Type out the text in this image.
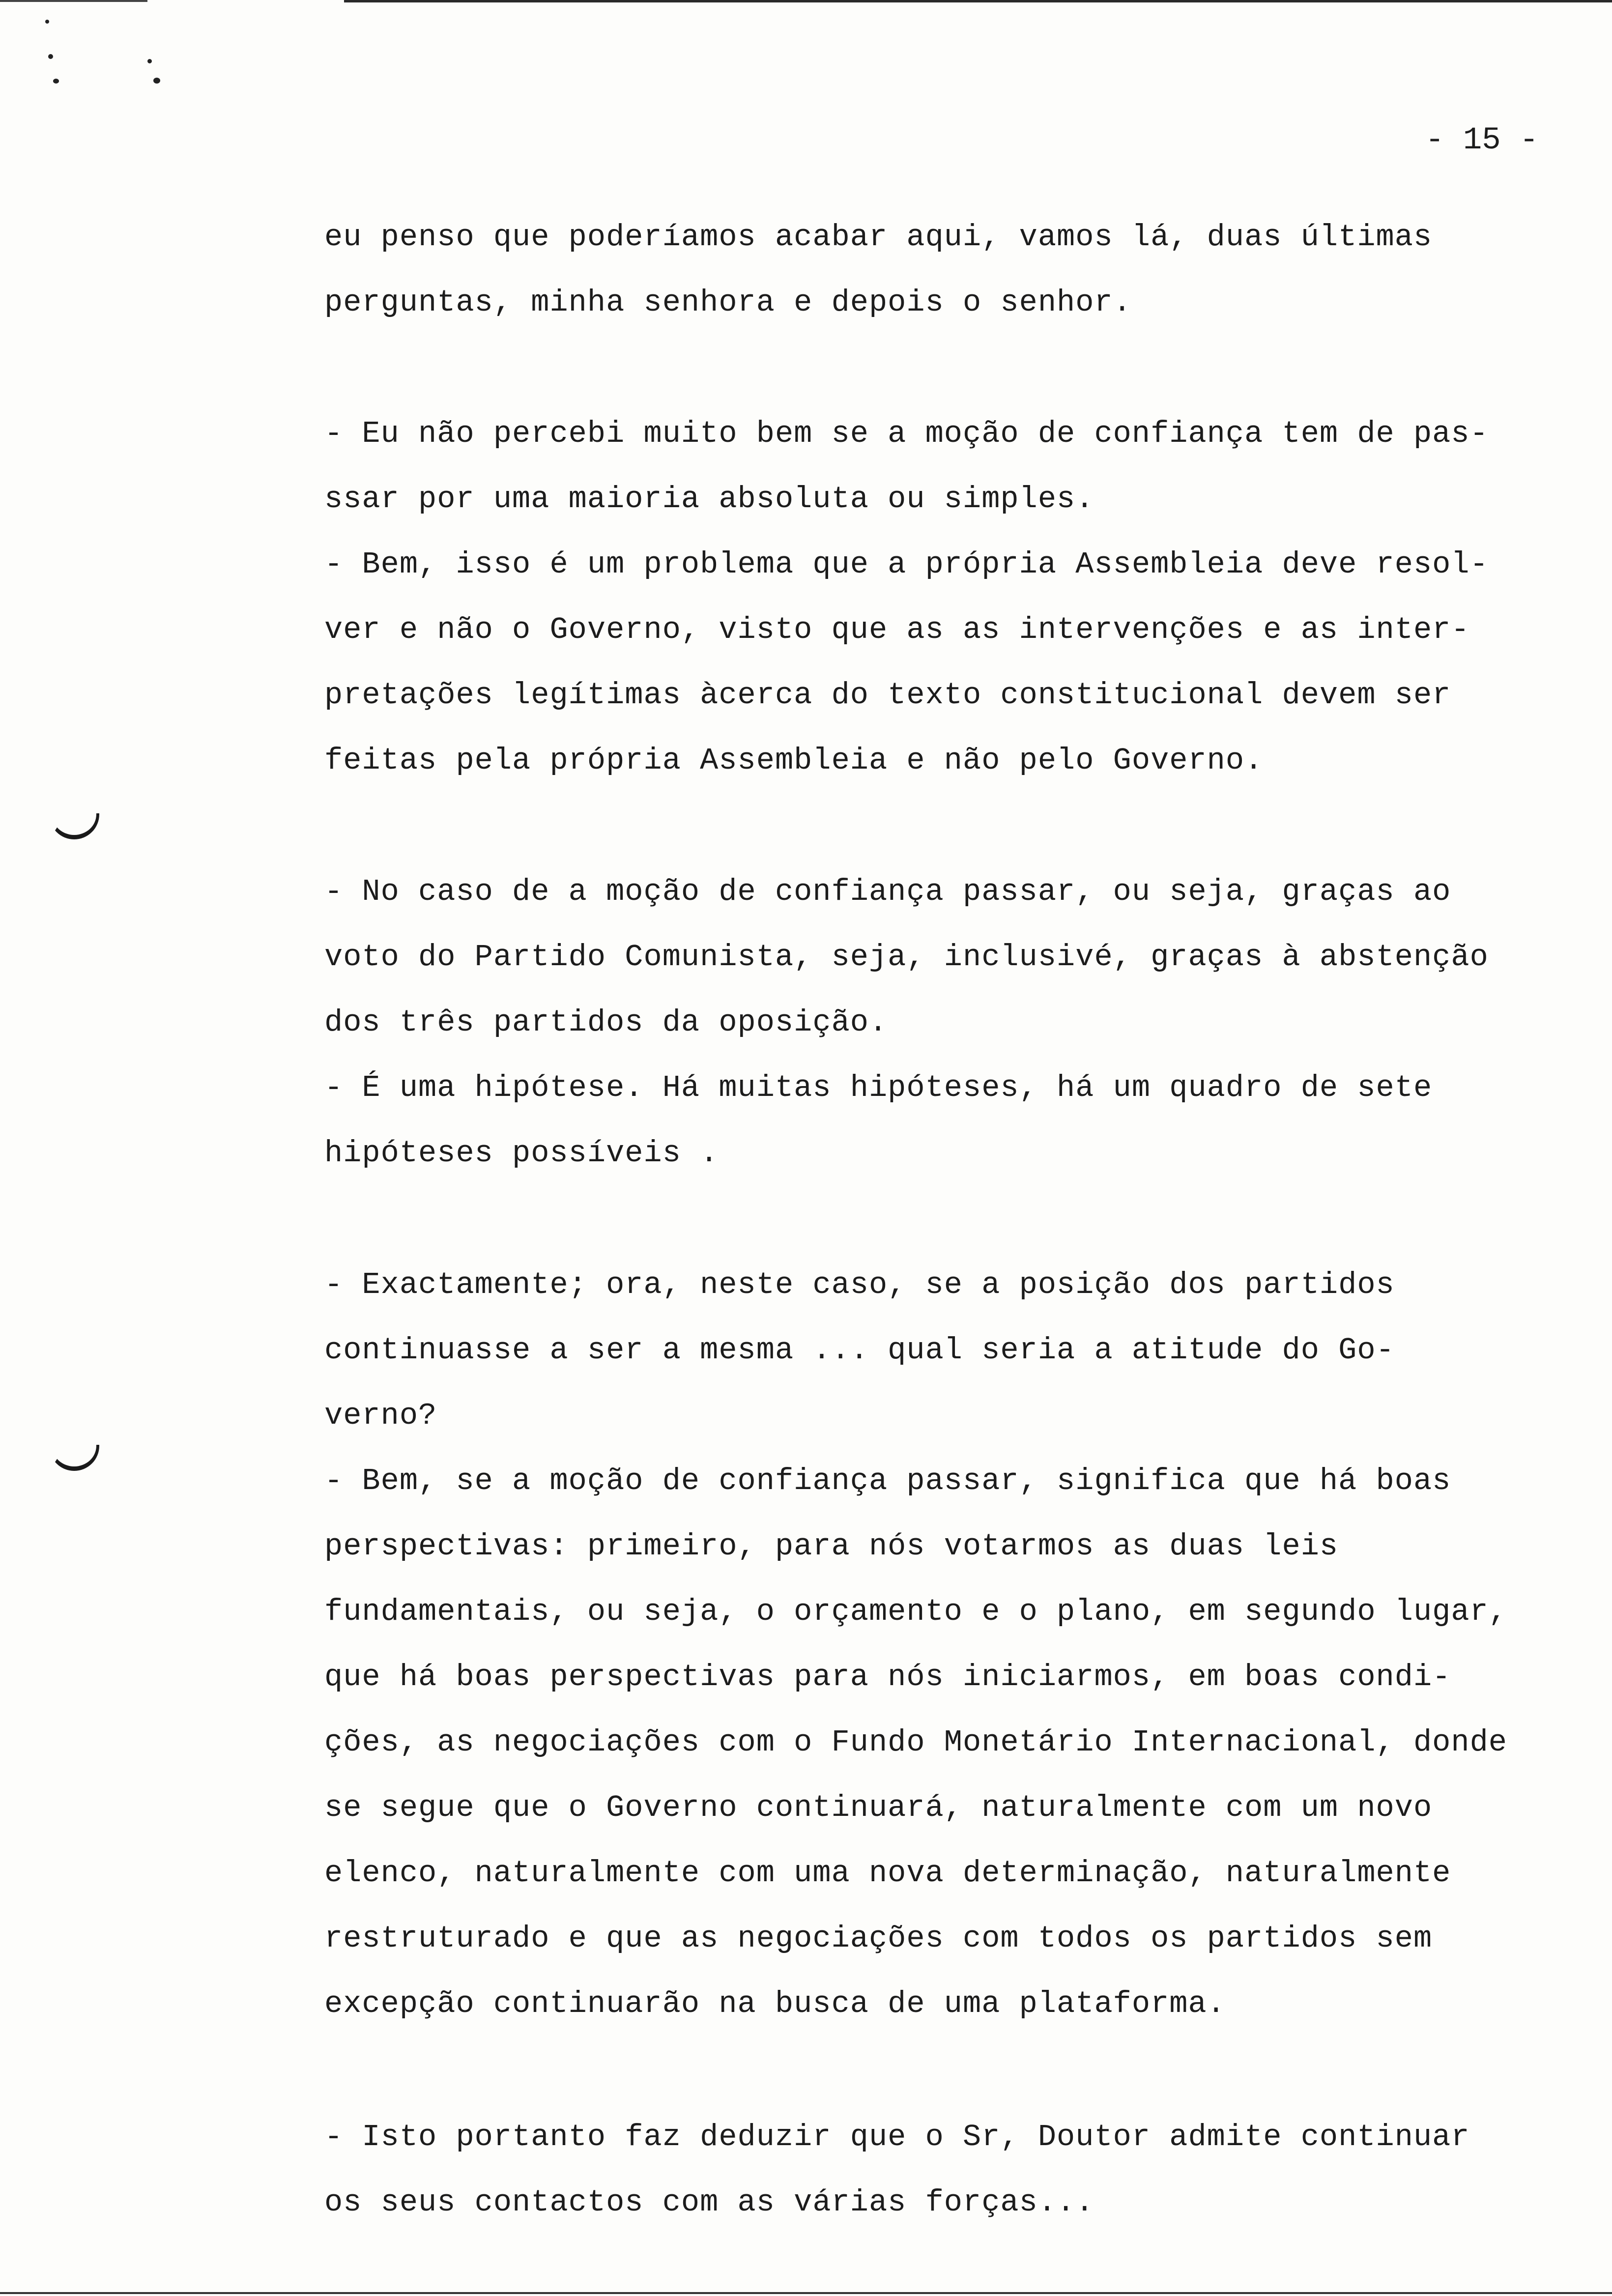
- 15 -
eu penso que poderíamos acabar aqui, vamos lá, duas últimas
perguntas, minha senhora e depois o senhor.
- Eu não percebi muito bem se a moção de confiança tem de pas-
ssar por uma maioria absoluta ou simples.
- Bem, isso é um problema que a própria Assembleia deve resol-
ver e não o Governo, visto que as as intervenções e as inter-
pretações legítimas àcerca do texto constitucional devem ser
feitas pela própria Assembleia e não pelo Governo.
- No caso de a moção de confiança passar, ou seja, graças ao
voto do Partido Comunista, seja, inclusivé, graças à abstenção
dos três partidos da oposição.
- É uma hipótese. Há muitas hipóteses, há um quadro de sete
hipóteses possíveis .
- Exactamente; ora, neste caso, se a posição dos partidos
continuasse a ser a mesma ... qual seria a atitude do Go-
verno?
- Bem, se a moção de confiança passar, significa que há boas
perspectivas: primeiro, para nós votarmos as duas leis
fundamentais, ou seja, o orçamento e o plano, em segundo lugar,
que há boas perspectivas para nós iniciarmos, em boas condi-
ções, as negociações com o Fundo Monetário Internacional, donde
se segue que o Governo continuará, naturalmente com um novo
elenco, naturalmente com uma nova determinação, naturalmente
restruturado e que as negociações com todos os partidos sem
excepção continuarão na busca de uma plataforma.
- Isto portanto faz deduzir que o Sr, Doutor admite continuar
os seus contactos com as várias forças...
